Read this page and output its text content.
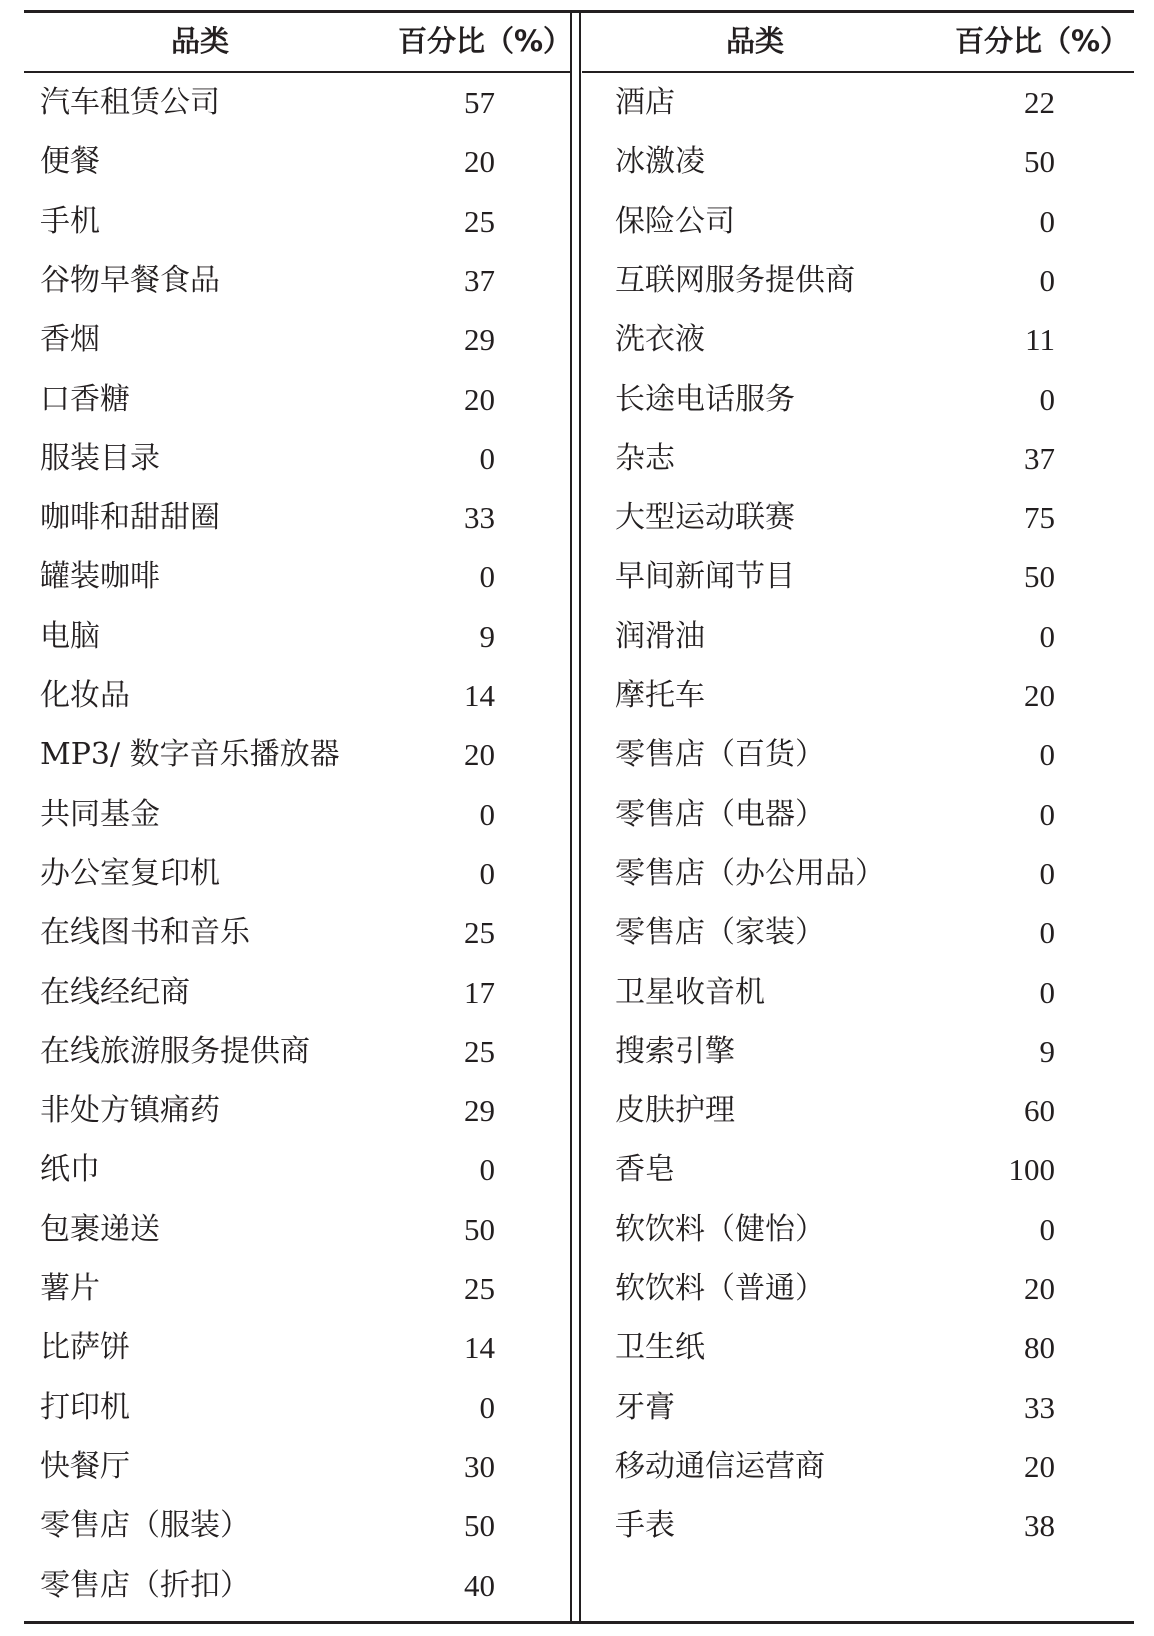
品类	百分比（%）	品类	百分比（%）
汽车租赁公司	57
便餐	20
手机	25
谷物早餐食品	37
香烟	29
口香糖	20
服装目录	0
咖啡和甜甜圈	33
罐装咖啡	0
电脑	9
化妆品	14
MP3/ 数字音乐播放器	20
共同基金	0
办公室复印机	0
在线图书和音乐	25
在线经纪商	17
在线旅游服务提供商	25
非处方镇痛药	29
纸巾	0
包裹递送	50
薯片	25
比萨饼	14
打印机	0
快餐厅	30
零售店（服装）	50
零售店（折扣）	40
酒店	22
冰激凌	50
保险公司	0
互联网服务提供商	0
洗衣液	11
长途电话服务	0
杂志	37
大型运动联赛	75
早间新闻节目	50
润滑油	0
摩托车	20
零售店（百货）	0
零售店（电器）	0
零售店（办公用品）	0
零售店（家装）	0
卫星收音机	0
搜索引擎	9
皮肤护理	60
香皂	100
软饮料（健怡）	0
软饮料（普通）	20
卫生纸	80
牙膏	33
移动通信运营商	20
手表	38
